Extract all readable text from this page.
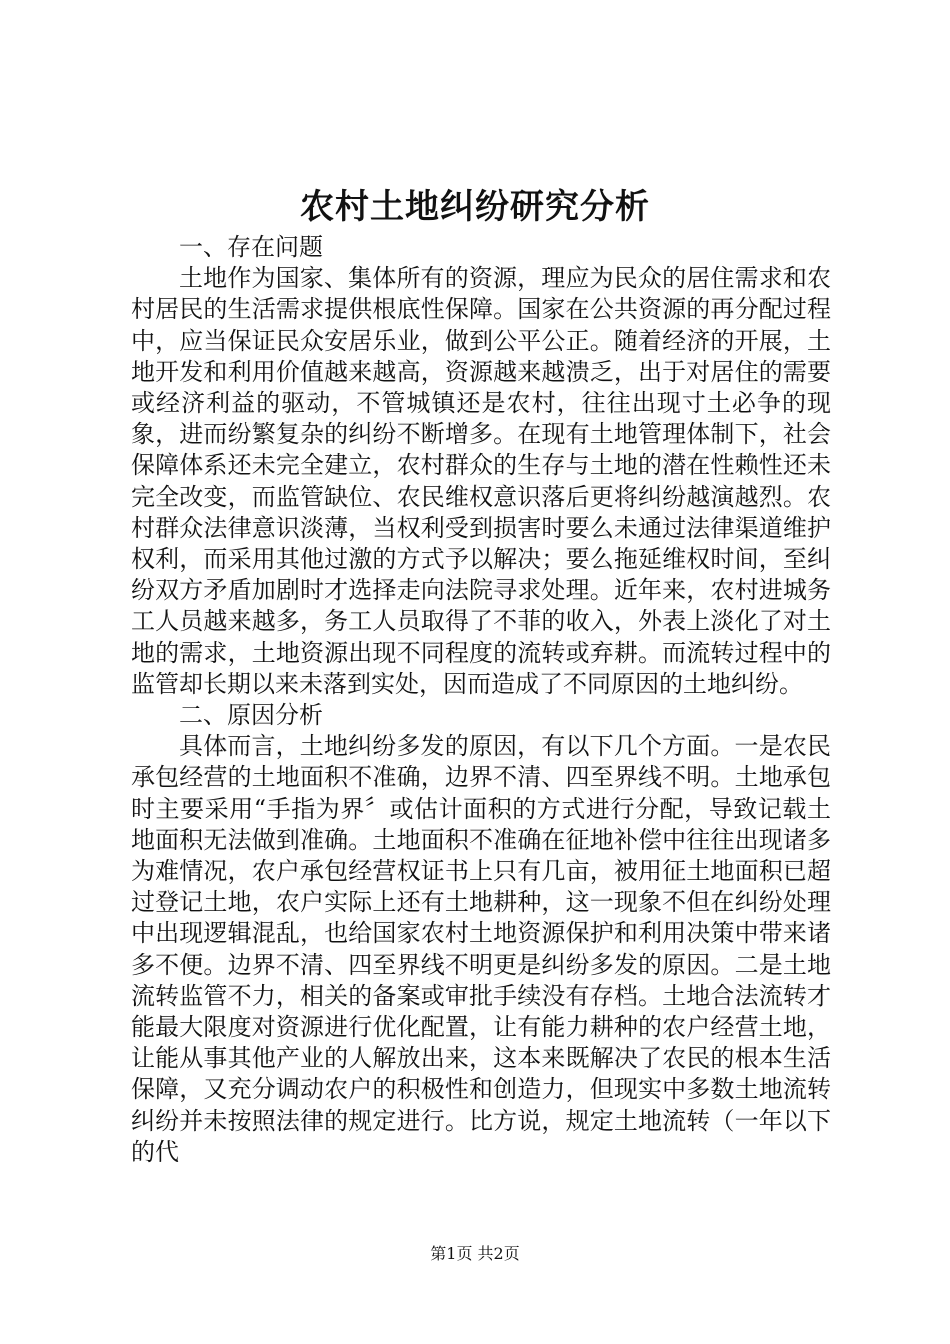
农村土地纠纷研究分析

一、存在问题

土地作为国家、集体所有的资源，理应为民众的居住需求和农村居民的生活需求提供根底性保障。国家在公共资源的再分配过程中，应当保证民众安居乐业，做到公平公正。随着经济的开展，土地开发和利用价值越来越高，资源越来越溃乏，出于对居住的需要或经济利益的驱动，不管城镇还是农村，往往出现寸土必争的现象，进而纷繁复杂的纠纷不断增多。在现有土地管理体制下，社会保障体系还未完全建立，农村群众的生存与土地的潜在性赖性还未完全改变，而监管缺位、农民维权意识落后更将纠纷越演越烈。农村群众法律意识淡薄，当权利受到损害时要么未通过法律渠道维护权利，而采用其他过激的方式予以解决；要么拖延维权时间，至纠纷双方矛盾加剧时才选择走向法院寻求处理。近年来，农村进城务工人员越来越多，务工人员取得了不菲的收入，外表上淡化了对土地的需求，土地资源出现不同程度的流转或弃耕。而流转过程中的监管却长期以来未落到实处，因而造成了不同原因的土地纠纷。

二、原因分析

具体而言，土地纠纷多发的原因，有以下几个方面。一是农民承包经营的土地面积不准确，边界不清、四至界线不明。土地承包时主要采用“手指为界〞或估计面积的方式进行分配，导致记载土地面积无法做到准确。土地面积不准确在征地补偿中往往出现诸多为难情况，农户承包经营权证书上只有几亩，被用征土地面积已超过登记土地，农户实际上还有土地耕种，这一现象不但在纠纷处理中出现逻辑混乱，也给国家农村土地资源保护和利用决策中带来诸多不便。边界不清、四至界线不明更是纠纷多发的原因。二是土地流转监管不力，相关的备案或审批手续没有存档。土地合法流转才能最大限度对资源进行优化配置，让有能力耕种的农户经营土地，让能从事其他产业的人解放出来，这本来既解决了农民的根本生活保障，又充分调动农户的积极性和创造力，但现实中多数土地流转纠纷并未按照法律的规定进行。比方说，规定土地流转（一年以下的代

第1页 共2页
